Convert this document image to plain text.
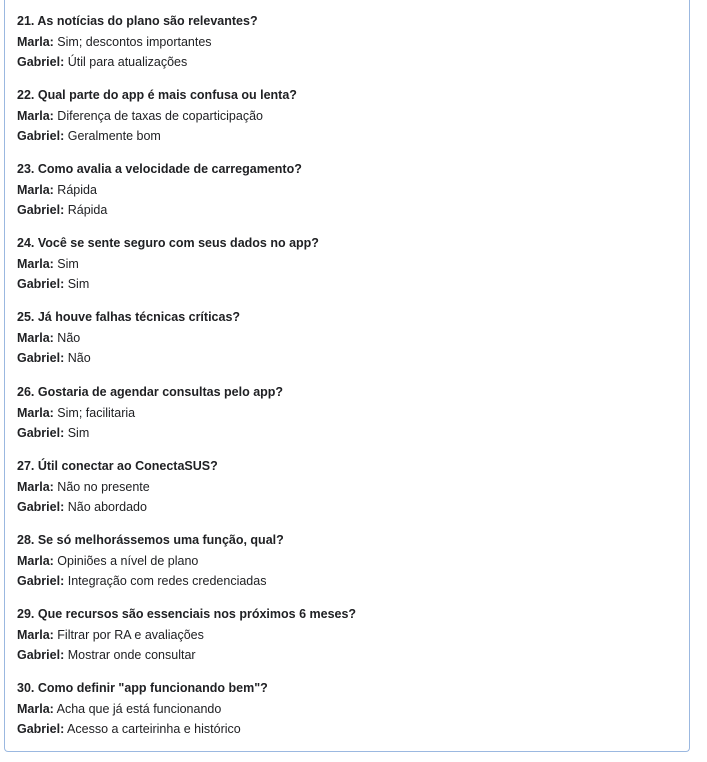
21. As notícias do plano são relevantes?
Marla: Sim; descontos importantes
Gabriel: Útil para atualizações
22. Qual parte do app é mais confusa ou lenta?
Marla: Diferença de taxas de coparticipação
Gabriel: Geralmente bom
23. Como avalia a velocidade de carregamento?
Marla: Rápida
Gabriel: Rápida
24. Você se sente seguro com seus dados no app?
Marla: Sim
Gabriel: Sim
25. Já houve falhas técnicas críticas?
Marla: Não
Gabriel: Não
26. Gostaria de agendar consultas pelo app?
Marla: Sim; facilitaria
Gabriel: Sim
27. Útil conectar ao ConectaSUS?
Marla: Não no presente
Gabriel: Não abordado
28. Se só melhorássemos uma função, qual?
Marla: Opiniões a nível de plano
Gabriel: Integração com redes credenciadas
29. Que recursos são essenciais nos próximos 6 meses?
Marla: Filtrar por RA e avaliações
Gabriel: Mostrar onde consultar
30. Como definir "app funcionando bem"?
Marla: Acha que já está funcionando
Gabriel: Acesso a carteirinha e histórico
